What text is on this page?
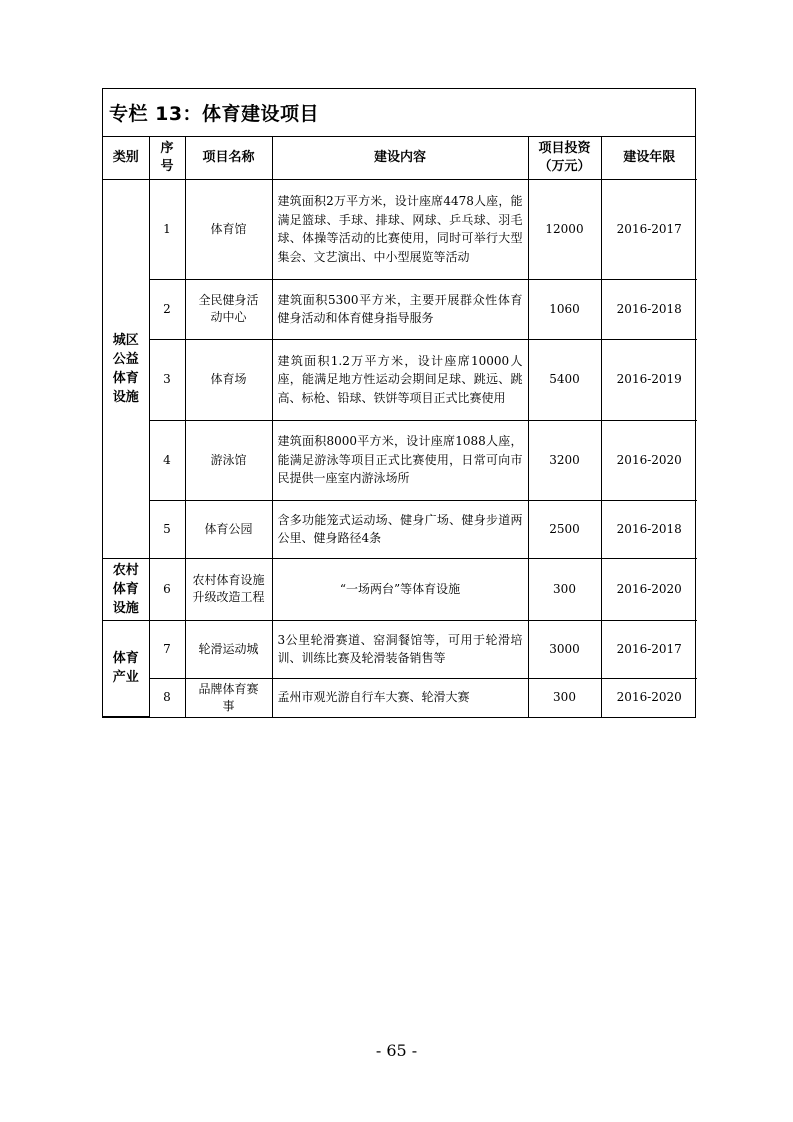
专栏 13：体育建设项目
类别	序号	项目名称	建设内容	项目投资（万元）	建设年限

城区公益体育设施	1	体育馆	建筑面积2万平方米，设计座席4478人座，能满足篮球、手球、排球、网球、乒乓球、羽毛球、体操等活动的比赛使用，同时可举行大型集会、文艺演出、中小型展览等活动	12000	2016-2017
	2	全民健身活动中心	建筑面积5300平方米，主要开展群众性体育健身活动和体育健身指导服务	1060	2016-2018
	3	体育场	建筑面积1.2万平方米，设计座席10000人座，能满足地方性运动会期间足球、跳远、跳高、标枪、铅球、铁饼等项目正式比赛使用	5400	2016-2019
	4	游泳馆	建筑面积8000平方米，设计座席1088人座，能满足游泳等项目正式比赛使用，日常可向市民提供一座室内游泳场所	3200	2016-2020
	5	体育公园	含多功能笼式运动场、健身广场、健身步道两公里、健身路径4条	2500	2016-2018

农村体育设施	6	农村体育设施升级改造工程	“一场两台”等体育设施	300	2016-2020

体育产业	7	轮滑运动城	3公里轮滑赛道、窑洞餐馆等，可用于轮滑培训、训练比赛及轮滑装备销售等	3000	2016-2017
	8	品牌体育赛事	孟州市观光游自行车大赛、轮滑大赛	300	2016-2020
- 65 -
